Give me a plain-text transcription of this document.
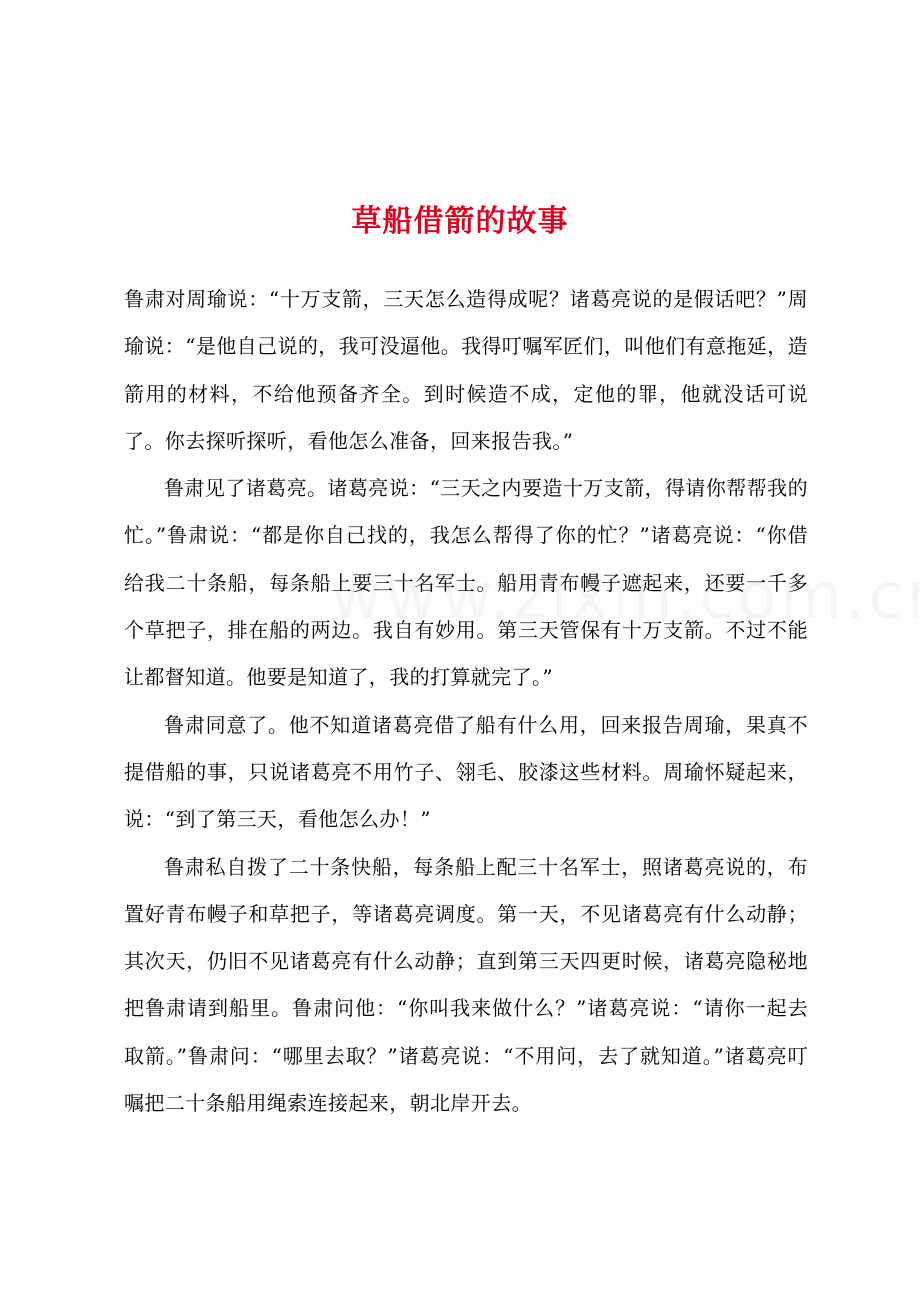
草船借箭的故事

鲁肃对周瑜说：“十万支箭，三天怎么造得成呢？诸葛亮说的是假话吧？”周瑜说：“是他自己说的，我可没逼他。我得叮嘱军匠们，叫他们有意拖延，造箭用的材料，不给他预备齐全。到时候造不成，定他的罪，他就没话可说了。你去探听探听，看他怎么准备，回来报告我。”

鲁肃见了诸葛亮。诸葛亮说：“三天之内要造十万支箭，得请你帮帮我的忙。”鲁肃说：“都是你自己找的，我怎么帮得了你的忙？”诸葛亮说：“你借给我二十条船，每条船上要三十名军士。船用青布幔子遮起来，还要一千多个草把子，排在船的两边。我自有妙用。第三天管保有十万支箭。不过不能让都督知道。他要是知道了，我的打算就完了。”

鲁肃同意了。他不知道诸葛亮借了船有什么用，回来报告周瑜，果真不提借船的事，只说诸葛亮不用竹子、翎毛、胶漆这些材料。周瑜怀疑起来，说：“到了第三天，看他怎么办！”

鲁肃私自拨了二十条快船，每条船上配三十名军士，照诸葛亮说的，布置好青布幔子和草把子，等诸葛亮调度。第一天，不见诸葛亮有什么动静；其次天，仍旧不见诸葛亮有什么动静；直到第三天四更时候，诸葛亮隐秘地把鲁肃请到船里。鲁肃问他：“你叫我来做什么？”诸葛亮说：“请你一起去取箭。”鲁肃问：“哪里去取？”诸葛亮说：“不用问，去了就知道。”诸葛亮叮嘱把二十条船用绳索连接起来，朝北岸开去。
